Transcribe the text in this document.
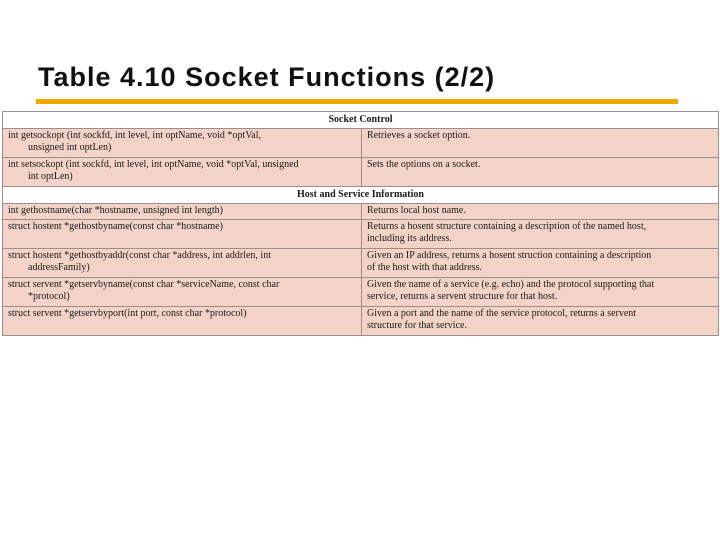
Table 4.10 Socket Functions (2/2)
Socket Control	
int getsockopt (int sockfd, int level, int optName, void *optVal,
unsigned int optLen)	Retrieves a socket option.
int setsockopt (int sockfd, int level, int optName, void *optVal, unsigned
int optLen)	Sets the options on a socket.
Host and Service Information	
int gethostname(char *hostname, unsigned int length)	Returns local host name.
struct hostent *gethostbyname(const char *hostname)	Returns a hosent structure containing a description of the named host,
including its address.
struct hostent *gethostbyaddr(const char *address, int addrlen, int
addressFamily)	Given an IP address, returns a hosent struction containing a description
of the host with that address.
struct servent *getservbyname(const char *serviceName, const char
*protocol)	Given the name of a service (e.g. echo) and the protocol supporting that
service, returns a servent structure for that host.
struct servent *getservbyport(int port, const char *protocol)	Given a port and the name of the service protocol, returns a servent
structure for that service.
